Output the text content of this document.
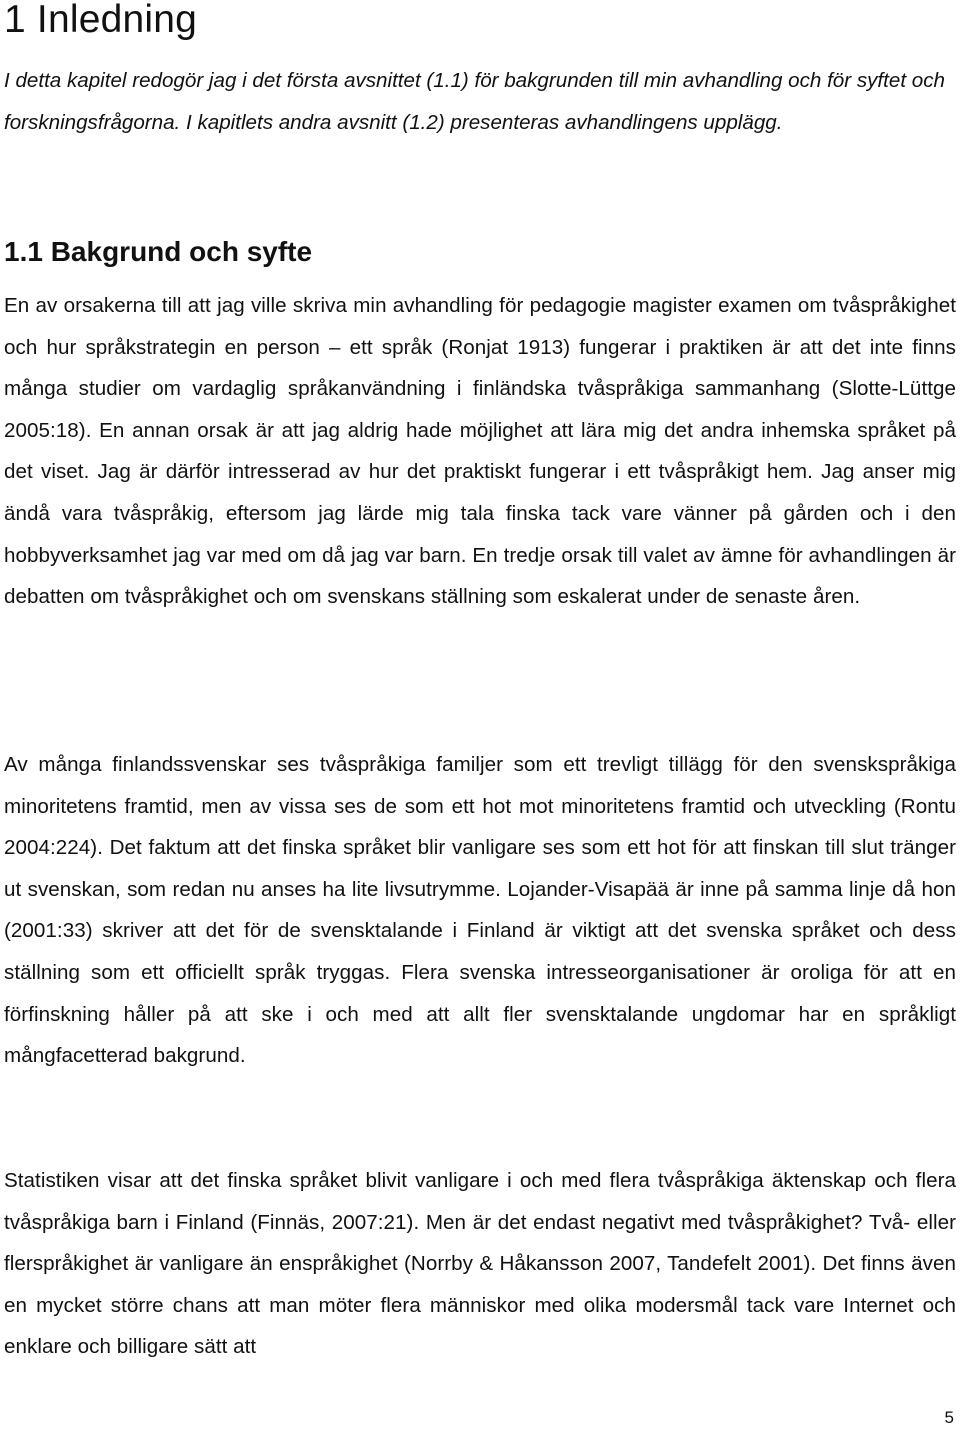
1 Inledning

I detta kapitel redogör jag i det första avsnittet (1.1) för bakgrunden till min avhandling och för syftet och forskningsfrågorna. I kapitlets andra avsnitt (1.2) presenteras avhandlingens upplägg.

1.1 Bakgrund och syfte

En av orsakerna till att jag ville skriva min avhandling för pedagogie magister examen om tvåspråkighet och hur språkstrategin en person – ett språk (Ronjat 1913) fungerar i praktiken är att det inte finns många studier om vardaglig språkanvändning i finländska tvåspråkiga sammanhang (Slotte-Lüttge 2005:18). En annan orsak är att jag aldrig hade möjlighet att lära mig det andra inhemska språket på det viset. Jag är därför intresserad av hur det praktiskt fungerar i ett tvåspråkigt hem. Jag anser mig ändå vara tvåspråkig, eftersom jag lärde mig tala finska tack vare vänner på gården och i den hobbyverksamhet jag var med om då jag var barn. En tredje orsak till valet av ämne för avhandlingen är debatten om tvåspråkighet och om svenskans ställning som eskalerat under de senaste åren.

Av många finlandssvenskar ses tvåspråkiga familjer som ett trevligt tillägg för den svenskspråkiga minoritetens framtid, men av vissa ses de som ett hot mot minoritetens framtid och utveckling (Rontu 2004:224). Det faktum att det finska språket blir vanligare ses som ett hot för att finskan till slut tränger ut svenskan, som redan nu anses ha lite livsutrymme. Lojander-Visapää är inne på samma linje då hon (2001:33) skriver att det för de svensktalande i Finland är viktigt att det svenska språket och dess ställning som ett officiellt språk tryggas. Flera svenska intresseorganisationer är oroliga för att en förfinskning håller på att ske i och med att allt fler svensktalande ungdomar har en språkligt mångfacetterad bakgrund.

Statistiken visar att det finska språket blivit vanligare i och med flera tvåspråkiga äktenskap och flera tvåspråkiga barn i Finland (Finnäs, 2007:21). Men är det endast negativt med tvåspråkighet? Två- eller flerspråkighet är vanligare än enspråkighet (Norrby & Håkansson 2007, Tandefelt 2001). Det finns även en mycket större chans att man möter flera människor med olika modersmål tack vare Internet och enklare och billigare sätt att

5
